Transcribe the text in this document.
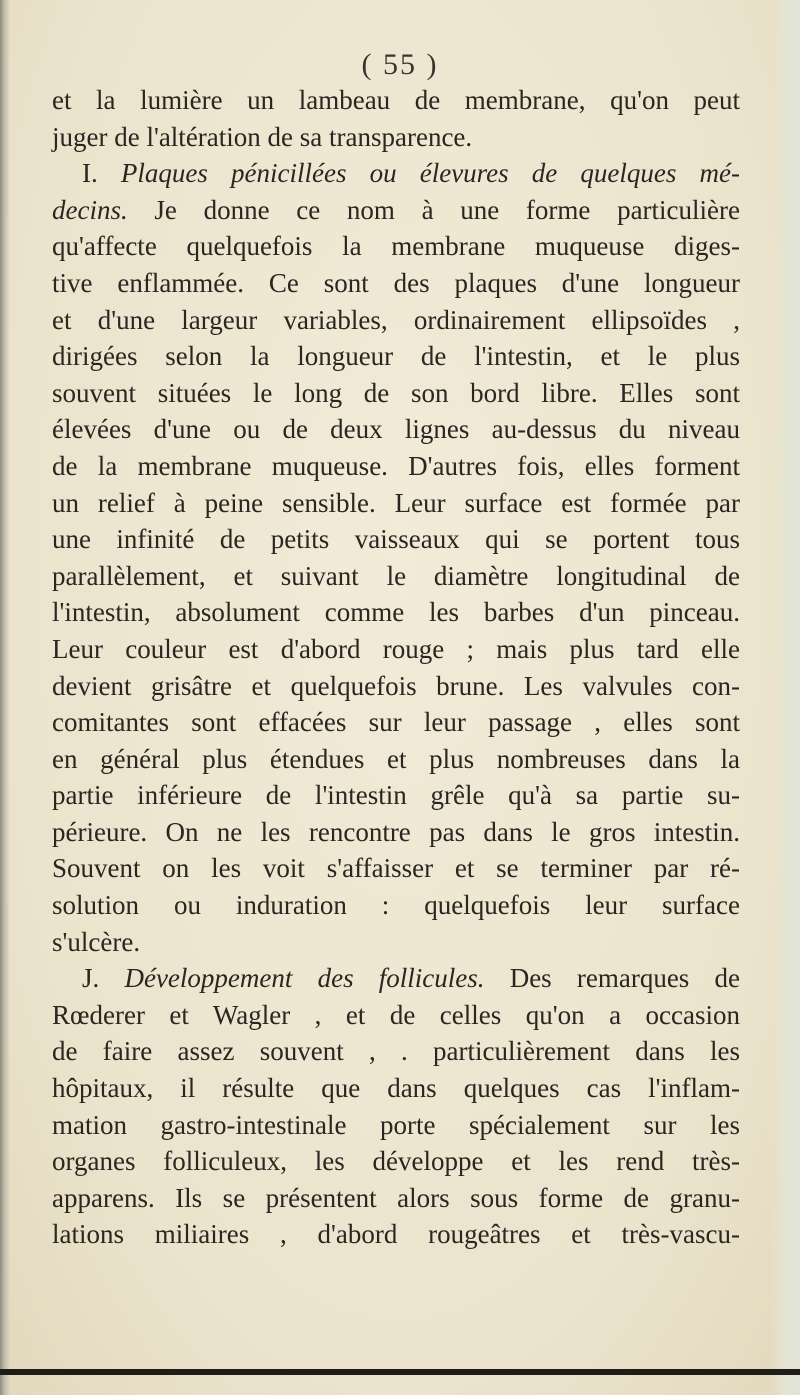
( 55 )
et la lumière un lambeau de membrane, qu'on peut
juger de l'altération de sa transparence.
I. Plaques pénicillées ou élevures de quelques mé-
decins. Je donne ce nom à une forme particulière
qu'affecte quelquefois la membrane muqueuse diges-
tive enflammée. Ce sont des plaques d'une longueur
et d'une largeur variables, ordinairement ellipsoïdes ,
dirigées selon la longueur de l'intestin, et le plus
souvent situées le long de son bord libre. Elles sont
élevées d'une ou de deux lignes au-dessus du niveau
de la membrane muqueuse. D'autres fois, elles forment
un relief à peine sensible. Leur surface est formée par
une infinité de petits vaisseaux qui se portent tous
parallèlement, et suivant le diamètre longitudinal de
l'intestin, absolument comme les barbes d'un pinceau.
Leur couleur est d'abord rouge ; mais plus tard elle
devient grisâtre et quelquefois brune. Les valvules con-
comitantes sont effacées sur leur passage , elles sont
en général plus étendues et plus nombreuses dans la
partie inférieure de l'intestin grêle qu'à sa partie su-
périeure. On ne les rencontre pas dans le gros intestin.
Souvent on les voit s'affaisser et se terminer par ré-
solution ou induration : quelquefois leur surface
s'ulcère.
J. Développement des follicules. Des remarques de
Rœderer et Wagler , et de celles qu'on a occasion
de faire assez souvent , . particulièrement dans les
hôpitaux, il résulte que dans quelques cas l'inflam-
mation gastro-intestinale porte spécialement sur les
organes folliculeux, les développe et les rend très-
apparens. Ils se présentent alors sous forme de granu-
lations miliaires , d'abord rougeâtres et très-vascu-
